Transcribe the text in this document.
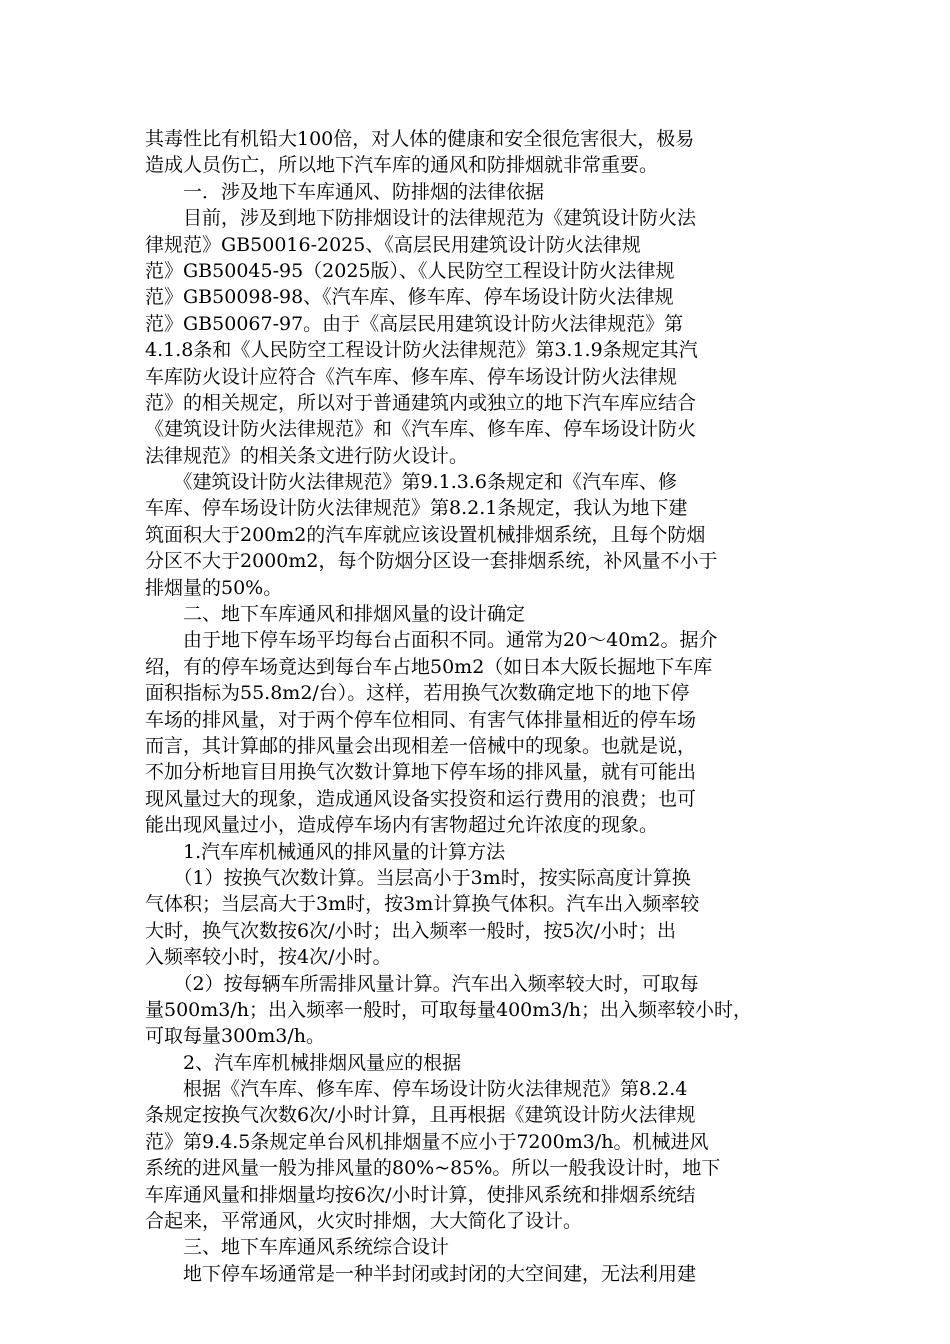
其毒性比有机铅大100倍，对人体的健康和安全很危害很大，极易
造成人员伤亡，所以地下汽车库的通风和防排烟就非常重要。
　　一．涉及地下车库通风、防排烟的法律依据
　　目前，涉及到地下防排烟设计的法律规范为《建筑设计防火法
律规范》GB50016-2025、《高层民用建筑设计防火法律规
范》GB50045-95（2025版）、《人民防空工程设计防火法律规
范》GB50098-98、《汽车库、修车库、停车场设计防火法律规
范》GB50067-97。由于《高层民用建筑设计防火法律规范》第
4.1.8条和《人民防空工程设计防火法律规范》第3.1.9条规定其汽
车库防火设计应符合《汽车库、修车库、停车场设计防火法律规
范》的相关规定，所以对于普通建筑内或独立的地下汽车库应结合
《建筑设计防火法律规范》和《汽车库、修车库、停车场设计防火
法律规范》的相关条文进行防火设计。
　　《建筑设计防火法律规范》第9.1.3.6条规定和《汽车库、修
车库、停车场设计防火法律规范》第8.2.1条规定，我认为地下建
筑面积大于200m2的汽车库就应该设置机械排烟系统，且每个防烟
分区不大于2000m2，每个防烟分区设一套排烟系统，补风量不小于
排烟量的50%。
　　二、地下车库通风和排烟风量的设计确定
　　由于地下停车场平均每台占面积不同。通常为20～40m2。据介
绍，有的停车场竟达到每台车占地50m2（如日本大阪长掘地下车库
面积指标为55.8m2/台）。这样，若用换气次数确定地下的地下停
车场的排风量，对于两个停车位相同、有害气体排量相近的停车场
而言，其计算邮的排风量会出现相差一倍械中的现象。也就是说，
不加分析地盲目用换气次数计算地下停车场的排风量，就有可能出
现风量过大的现象，造成通风设备实投资和运行费用的浪费；也可
能出现风量过小，造成停车场内有害物超过允许浓度的现象。
　　1.汽车库机械通风的排风量的计算方法
　　（1）按换气次数计算。当层高小于3m时，按实际高度计算换
气体积；当层高大于3m时，按3m计算换气体积。汽车出入频率较
大时，换气次数按6次/小时；出入频率一般时，按5次/小时；出
入频率较小时，按4次/小时。
　　（2）按每辆车所需排风量计算。汽车出入频率较大时，可取每
量500m3/h；出入频率一般时，可取每量400m3/h；出入频率较小时，
可取每量300m3/h。
　　2、汽车库机械排烟风量应的根据
　　根据《汽车库、修车库、停车场设计防火法律规范》第8.2.4
条规定按换气次数6次/小时计算，且再根据《建筑设计防火法律规
范》第9.4.5条规定单台风机排烟量不应小于7200m3/h。机械进风
系统的进风量一般为排风量的80%~85%。所以一般我设计时，地下
车库通风量和排烟量均按6次/小时计算，使排风系统和排烟系统结
合起来，平常通风，火灾时排烟，大大简化了设计。
　　三、地下车库通风系统综合设计
　　地下停车场通常是一种半封闭或封闭的大空间建，无法利用建
